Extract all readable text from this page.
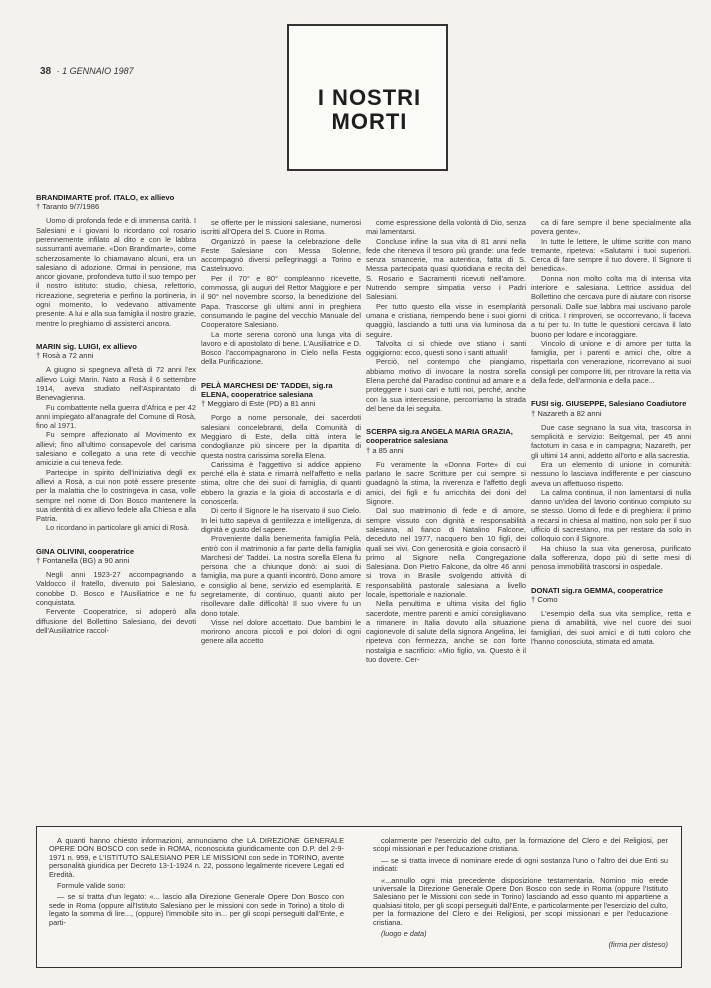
38 · 1 GENNAIO 1987
I NOSTRI
MORTI
BRANDIMARTE prof. ITALO, ex allievo
† Taranto 9/7/1986

Uomo di profonda fede e di immensa carità. I Salesiani e i giovani lo ricordano col rosario perennemente infilato al dito e con le labbra sussurranti avemarie. «Don Brandimarte», come scherzosamente lo chiamavano alcuni, era un salesiano di adozione. Ormai in pensione, ma ancor giovane, profondeva tutto il suo tempo per il nostro istituto: studio, chiesa, refettorio, ricreazione, segreteria e perfino la portineria, in ogni momento, lo vedevano attivamente presente. A lui e alla sua famiglia il nostro grazie, mentre lo preghiamo di assisterci ancora.

MARIN sig. LUIGI, ex allievo
† Rosà a 72 anni

A giugno si spegneva all'età di 72 anni l'ex allievo Luigi Marin. Nato a Rosà il 6 settembre 1914, aveva studiato nell'Aspirantato di Benevagienna.

Fu combattente nella guerra d'Africa e per 42 anni impiegato all'anagrafe del Comune di Rosà, fino al 1971.

Fu sempre affezionato al Movimento ex allievi; fino all'ultimo consapevole del carisma salesiano e collegato a una rete di vecchie amicizie a cui teneva fede.

Partecipe in spirito dell'iniziativa degli ex allievi a Rosà, a cui non potè essere presente per la malattia che lo costringeva in casa, volle sempre nel nome di Don Bosco mantenere la sua identità di ex allievo fedele alla Chiesa e alla Patria.

Lo ricordano in particolare gli amici di Rosà.

GINA OLIVINI, cooperatrice
† Fontanella (BG) a 90 anni

Negli anni 1923-27 accompagnando a Valdocco il fratello, divenuto poi Salesiano, conobbe D. Bosco e l'Ausiliatrice e ne fu conquistata.

Fervente Cooperatrice, si adoperò alla diffusione del Bollettino Salesiano, dei devoti dell'Ausiliatrice raccol-

se offerte per le missioni salesiane, numerosi iscritti all'Opera del S. Cuore in Roma.

Organizzò in paese la celebrazione delle Feste Salesiane con Messa Solenne, accompagnò diversi pellegrinaggi a Torino e Castelnuovo.

Per il 70° e 80° compleanno ricevette, commossa, gli auguri del Rettor Maggiore e per il 90° nel novembre scorso, la benedizione del Papa. Trascorse gli ultimi anni in preghiera consumando le pagine del vecchio Manuale del Cooperatore Salesiano.

La morte serena coronò una lunga vita di lavoro e di apostolato di bene. L'Ausiliatrice e D. Bosco l'accompagnarono in Cielo nella Festa della Purificazione.

PELÀ MARCHESI DE' TADDEI, sig.ra ELENA, cooperatrice salesiana
† Meggiaro di Este (PD) a 81 anni

Porgo a nome personale, dei sacerdoti salesiani concelebranti, della Comunità di Meggiaro di Este, della città intera le condoglianze più sincere per la dipartita di questa nostra carissima sorella Elena.

Carissima è l'aggettivo si addice appieno perché ella è stata e rimarrà nell'affetto e nella stima, oltre che dei suoi di famiglia, di quanti ebbero la grazia e la gioia di accostarla e di conoscerla.

Di certo il Signore le ha riservato il suo Cielo. In lei tutto sapeva di gentilezza e intelligenza, di dignità e gusto del sapere.

Proveniente dalla benemerita famiglia Pelà, entrò con il matrimonio a far parte della famiglia Marchesi de' Taddei. La nostra sorella Elena fu persona che a chiunque donò: ai suoi di famiglia, ma pure a quanti incontrò. Dono amore e consiglio al bene, servizio ed esemplarità. E segretamente, di continuo, quanti aiuto per risollevare dalle difficoltà! Il suo vivere fu un dono totale.

Visse nel dolore accettato. Due bambini le morirono ancora piccoli e poi dolori di ogni genere alla accetto

come espressione della volontà di Dio, senza mai lamentarsi.

Concluse infine la sua vita di 81 anni nella fede che riteneva il tesoro più grande: una fede senza smancerie, ma autentica, fatta di S. Messa partecipata quasi quotidiana e recita del S. Rosario e Sacramenti ricevuti nell'amore. Nutrendo sempre simpatia verso i Padri Salesiani.

Per tutto questo ella visse in esemplarità umana e cristiana, riempendo bene i suoi giorni quaggiù, lasciando a tutti una via luminosa da seguire.

Talvolta ci si chiede ove stiano i santi oggigiorno: ecco, questi sono i santi attuali!

Perciò, nel contempo che piangiamo, abbiamo motivo di invocare la nostra sorella Elena perché dal Paradiso continui ad amare e a proteggere i suoi cari e tutti noi, perché, anche con la sua intercessione, percorriamo la strada del bene da lei seguita.

SCERPA sig.ra ANGELA MARIA GRAZIA, cooperatrice salesiana
† a 85 anni

Fu veramente la «Donna Forte» di cui parlano le sacre Scritture per cui sempre si guadagnò la stima, la riverenza e l'affetto degli amici, dei figli e fu arricchita dei doni del Signore.

Dal suo matrimonio di fede e di amore, sempre vissuto con dignità e responsabilità salesiana, al fianco di Natalino Falcone, deceduto nel 1977, nacquero ben 10 figli, dei quali sei vivi. Con generosità e gioia consacrò il primo al Signore nella Congregazione Salesiana. Don Pietro Falcone, da oltre 46 anni si trova in Brasile svolgendo attività di responsabilità pastorale salesiana a livello locale, ispettoriale e nazionale.

Nella penultima e ultima visita del figlio sacerdote, mentre parenti e amici consigliavano a rimanere in Italia dovuto alla situazione cagionevole di salute della signora Angelina, lei ripeteva con fermezza, anche se con forte nostalgia e sacrificio: «Mio figlio, va. Questo è il tuo dovere. Cer-

ca di fare sempre il bene specialmente alla povera gente».

In tutte le lettere, le ultime scritte con mano tremante, ripeteva: «Salutami i tuoi superiori. Cerca di fare sempre il tuo dovere. Il Signore ti benedica».

Donna non molto colta ma di intensa vita interiore e salesiana. Lettrice assidua del Bollettino che cercava pure di aiutare con risorse personali. Dalle sue labbra mai uscivano parole di critica. I rimproveri, se occorrevano, li faceva a tu per tu. In tutte le questioni cercava il lato buono per lodare e incoraggiare.

Vincolo di unione e di amore per tutta la famiglia, per i parenti e amici che, oltre a rispettarla con venerazione, ricorrevano ai suoi consigli per comporre liti, per ritrovare la retta via della fede, dell'armonia e della pace...

FUSI sig. GIUSEPPE, Salesiano Coadiutore
† Nazareth a 82 anni

Due case segnano la sua vita, trascorsa in semplicità e servizio: Beitgemal, per 45 anni factotum in casa e in campagna; Nazareth, per gli ultimi 14 anni, addetto all'orto e alla sacrestia.

Era un elemento di unione in comunità: nessuno lo lasciava indifferente e per ciascuno aveva un affettuoso rispetto.

La calma continua, il non lamentarsi di nulla danno un'idea del lavorio continuo compiuto su se stesso. Uomo di fede e di preghiera: il primo a recarsi in chiesa al mattino, non solo per il suo ufficio di sacrestano, ma per restare da solo in colloquio con il Signore.

Ha chiuso la sua vita generosa, purificato dalla sofferenza, dopo più di sette mesi di penosa immobilità trascorsi in ospedale.

DONATI sig.ra GEMMA, cooperatrice
† Como

L'esempio della sua vita semplice, retta e piena di amabilità, vive nel cuore dei suoi famigliari, dei suoi amici e di tutti coloro che l'hanno conosciuta, stimata ed amata.

A quanti hanno chiesto informazioni, annunciamo che LA DIREZIONE GENERALE OPERE DON BOSCO con sede in ROMA, riconosciuta giuridicamente con D.P. del 2-9-1971 n. 959, e L'ISTITUTO SALESIANO PER LE MISSIONI con sede in TORINO, avente personalità giuridica per Decreto 13-1-1924 n. 22, possono legalmente ricevere Legati ed Eredità.

Formule valide sono:

— se si tratta d'un legato: «... lascio alla Direzione Generale Opere Don Bosco con sede in Roma (oppure all'Istituto Salesiano per le missioni con sede in Torino) a titolo di legato la somma di lire..., (oppure) l'immobile sito in... per gli scopi perseguiti dall'Ente, e parti-

colarmente per l'esercizio del culto, per la formazione del Clero e dei Religiosi, per scopi missionari e per l'educazione cristiana.

— se si tratta invece di nominare erede di ogni sostanza l'uno o l'altro dei due Enti su indicati:

«...annullo ogni mia precedente disposizione testamentaria. Nomino mio erede universale la Direzione Generale Opere Don Bosco con sede in Roma (oppure l'Istituto Salesiano per le Missioni con sede in Torino) lasciando ad esso quanto mi appartiene a qualsiasi titolo, per gli scopi perseguiti dall'Ente, e particolarmente per l'esercizio del culto, per la formazione del Clero e dei Religiosi, per scopi missionari e per l'educazione cristiana.

(luogo e data)

(firma per disteso)
